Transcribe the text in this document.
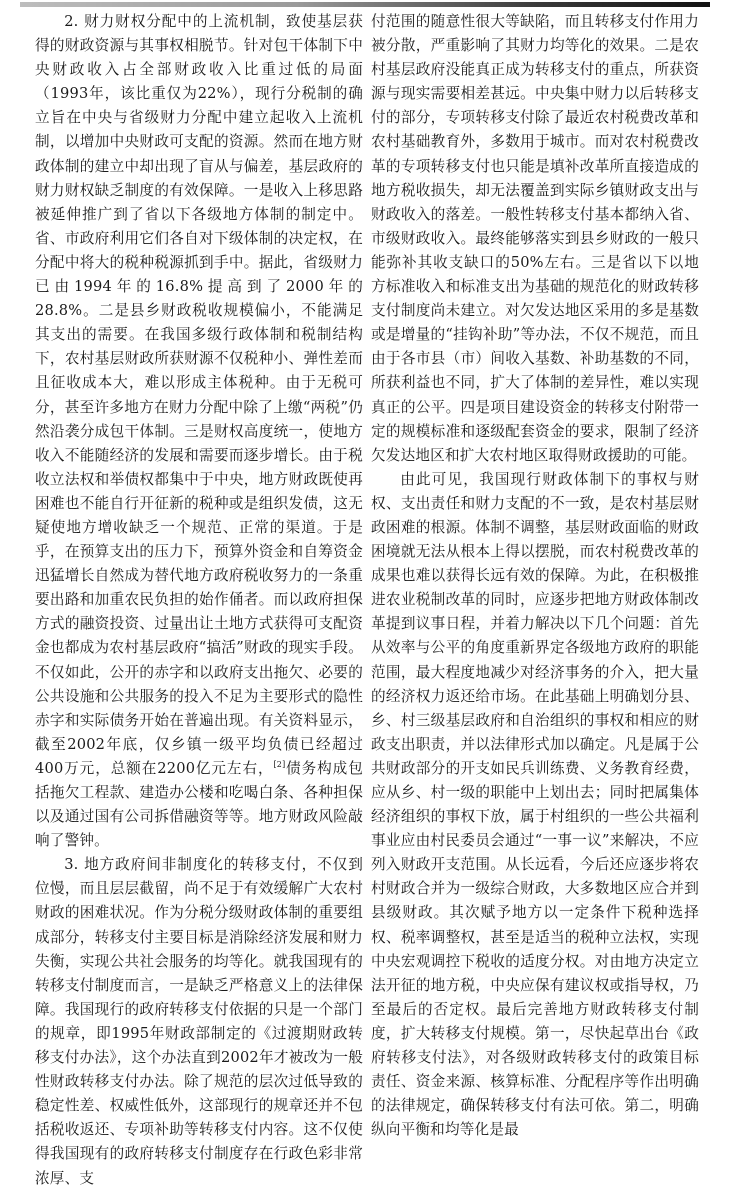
2. 财力财权分配中的上流机制，致使基层获得的财政资源与其事权相脱节。针对包干体制下中央财政收入占全部财政收入比重过低的局面（1993年，该比重仅为22%），现行分税制的确立旨在中央与省级财力分配中建立起收入上流机制，以增加中央财政可支配的资源。然而在地方财政体制的建立中却出现了盲从与偏差，基层政府的财力财权缺乏制度的有效保障。一是收入上移思路被延伸推广到了省以下各级地方体制的制定中。省、市政府利用它们各自对下级体制的决定权，在分配中将大的税种税源抓到手中。据此，省级财力已由1994年的16.8%提高到了2000年的28.8%。二是县乡财政税收规模偏小，不能满足其支出的需要。在我国多级行政体制和税制结构下，农村基层财政所获财源不仅税种小、弹性差而且征收成本大，难以形成主体税种。由于无税可分，甚至许多地方在财力分配中除了上缴“两税”仍然沿袭分成包干体制。三是财权高度统一，使地方收入不能随经济的发展和需要而逐步增长。由于税收立法权和举债权都集中于中央，地方财政既使再困难也不能自行开征新的税种或是组织发债，这无疑使地方增收缺乏一个规范、正常的渠道。于是乎，在预算支出的压力下，预算外资金和自筹资金迅猛增长自然成为替代地方政府税收努力的一条重要出路和加重农民负担的始作俑者。而以政府担保方式的融资投资、过量出让土地方式获得可支配资金也都成为农村基层政府“搞活”财政的现实手段。不仅如此，公开的赤字和以政府支出拖欠、必要的公共设施和公共服务的投入不足为主要形式的隐性赤字和实际债务开始在普遍出现。有关资料显示，截至2002年底，仅乡镇一级平均负债已经超过400万元，总额在2200亿元左右，[2]债务构成包括拖欠工程款、建造办公楼和吃喝白条、各种担保以及通过国有公司拆借融资等等。地方财政风险敲响了警钟。

3. 地方政府间非制度化的转移支付，不仅到位慢，而且层层截留，尚不足于有效缓解广大农村财政的困难状况。作为分税分级财政体制的重要组成部分，转移支付主要目标是消除经济发展和财力失衡，实现公共社会服务的均等化。就我国现有的转移支付制度而言，一是缺乏严格意义上的法律保障。我国现行的政府转移支付依据的只是一个部门的规章，即1995年财政部制定的《过渡期财政转移支付办法》，这个办法直到2002年才被改为一般性财政转移支付办法。除了规范的层次过低导致的稳定性差、权威性低外，这部现行的规章还并不包括税收返还、专项补助等转移支付内容。这不仅使得我国现有的政府转移支付制度存在行政色彩非常浓厚、支

付范围的随意性很大等缺陷，而且转移支付作用力被分散，严重影响了其财力均等化的效果。二是农村基层政府没能真正成为转移支付的重点，所获资源与现实需要相差甚远。中央集中财力以后转移支付的部分，专项转移支付除了最近农村税费改革和农村基础教育外，多数用于城市。而对农村税费改革的专项转移支付也只能是填补改革所直接造成的地方税收损失，却无法覆盖到实际乡镇财政支出与财政收入的落差。一般性转移支付基本都纳入省、市级财政收入。最终能够落实到县乡财政的一般只能弥补其收支缺口的50%左右。三是省以下以地方标准收入和标准支出为基础的规范化的财政转移支付制度尚未建立。对欠发达地区采用的多是基数或是增量的“挂钩补助”等办法，不仅不规范，而且由于各市县（市）间收入基数、补助基数的不同，所获利益也不同，扩大了体制的差异性，难以实现真正的公平。四是项目建设资金的转移支付附带一定的规模标准和逐级配套资金的要求，限制了经济欠发达地区和扩大农村地区取得财政援助的可能。

由此可见，我国现行财政体制下的事权与财权、支出责任和财力支配的不一致，是农村基层财政困难的根源。体制不调整，基层财政面临的财政困境就无法从根本上得以摆脱，而农村税费改革的成果也难以获得长远有效的保障。为此，在积极推进农业税制改革的同时，应逐步把地方财政体制改革提到议事日程，并着力解决以下几个问题：首先从效率与公平的角度重新界定各级地方政府的职能范围，最大程度地减少对经济事务的介入，把大量的经济权力返还给市场。在此基础上明确划分县、乡、村三级基层政府和自治组织的事权和相应的财政支出职责，并以法律形式加以确定。凡是属于公共财政部分的开支如民兵训练费、义务教育经费，应从乡、村一级的职能中上划出去；同时把属集体经济组织的事权下放，属于村组织的一些公共福利事业应由村民委员会通过“一事一议”来解决，不应列入财政开支范围。从长远看，今后还应逐步将农村财政合并为一级综合财政，大多数地区应合并到县级财政。其次赋予地方以一定条件下税种选择权、税率调整权，甚至是适当的税种立法权，实现中央宏观调控下税收的适度分权。对由地方决定立法开征的地方税，中央应保有建议权或指导权，乃至最后的否定权。最后完善地方财政转移支付制度，扩大转移支付规模。第一，尽快起草出台《政府转移支付法》，对各级财政转移支付的政策目标责任、资金来源、核算标准、分配程序等作出明确的法律规定，确保转移支付有法可依。第二，明确纵向平衡和均等化是最
